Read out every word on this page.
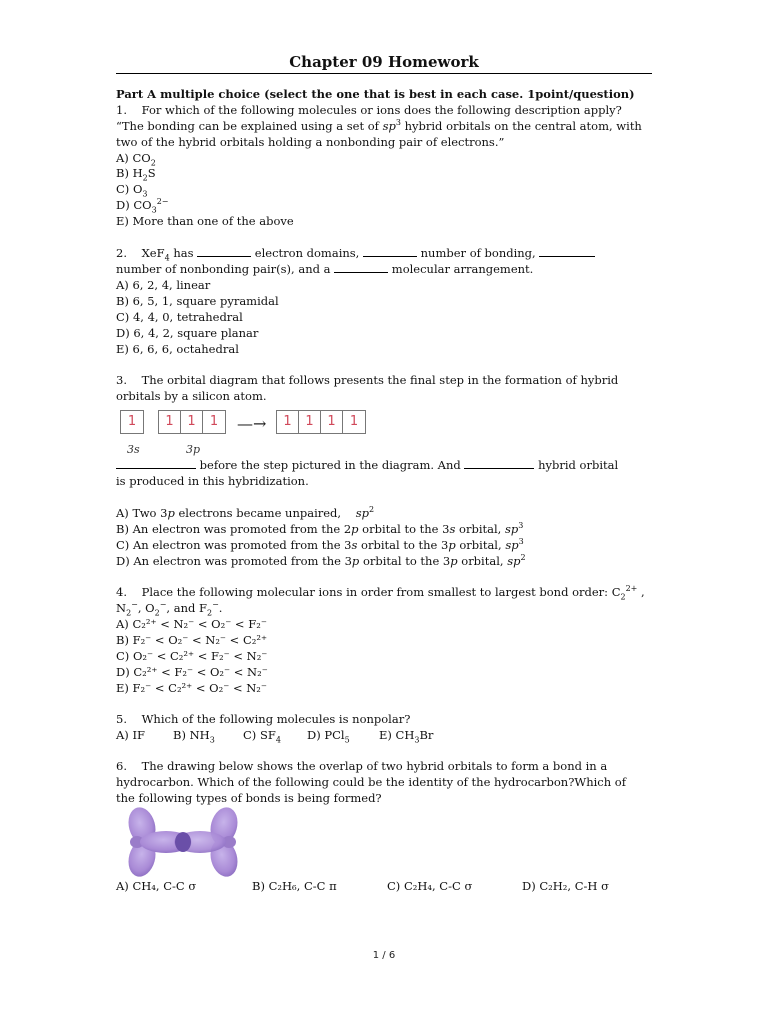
Chapter 09 Homework
Part A multiple choice (select the one that is best in each case. 1point/question)
1.    For which of the following molecules or ions does the following description apply?
“The bonding can be explained using a set of $sp^3$ hybrid orbitals on the central atom, with
two of the hybrid orbitals holding a nonbonding pair of electrons.”
A) $CO_2$
B) $H_2S$
C) $O_3$
D) $CO_3^{2-}$
E) More than one of the above
2.    XeF$_4$ has	electron domains,	number of bonding,
number of nonbonding pair(s), and a	molecular arrangement.
A) 6, 2, 4, linear
B) 6, 5, 1, square pyramidal
C) 4, 4, 0, tetrahedral
D) 6, 4, 2, square planar
E) 6, 6, 6, octahedral
3.    The orbital diagram that follows presents the final step in the formation of hybrid
orbitals by a silicon atom.
1	1	1	1	—→	1	1	1	1
3s	3p
before the step pictured in the diagram. And	hybrid orbital
is produced in this hybridization.
A) Two 3p electrons became unpaired,    $sp^2$
B) An electron was promoted from the 2p orbital to the 3s orbital, $sp^3$
C) An electron was promoted from the 3s orbital to the 3p orbital, $sp^3$
D) An electron was promoted from the 3p orbital to the 3p orbital, $sp^2$
4.    Place the following molecular ions in order from smallest to largest bond order: $C_2^{2+}$ ,
$N_2^-$, $O_2^-$, and $F_2^-$.
A) C₂²⁺ < N₂⁻ < O₂⁻ < F₂⁻
B) F₂⁻ < O₂⁻ < N₂⁻ < C₂²⁺
C) O₂⁻ < C₂²⁺ < F₂⁻ < N₂⁻
D) C₂²⁺ < F₂⁻ < O₂⁻ < N₂⁻
E) F₂⁻ < C₂²⁺ < O₂⁻ < N₂⁻
5.    Which of the following molecules is nonpolar?
A) IF B) $NH_3$ C) $SF_4$ D) PCl$_5$	E) $CH_3Br$
6.    The drawing below shows the overlap of two hybrid orbitals to form a bond in a
hydrocarbon. Which of the following could be the identity of the hydrocarbon?Which of
the following types of bonds is being formed?
A) CH₄, C-C σ	B) C₂H₆, C-C π	C) C₂H₄, C-C σ	D) C₂H₂, C-H σ
1 / 6
